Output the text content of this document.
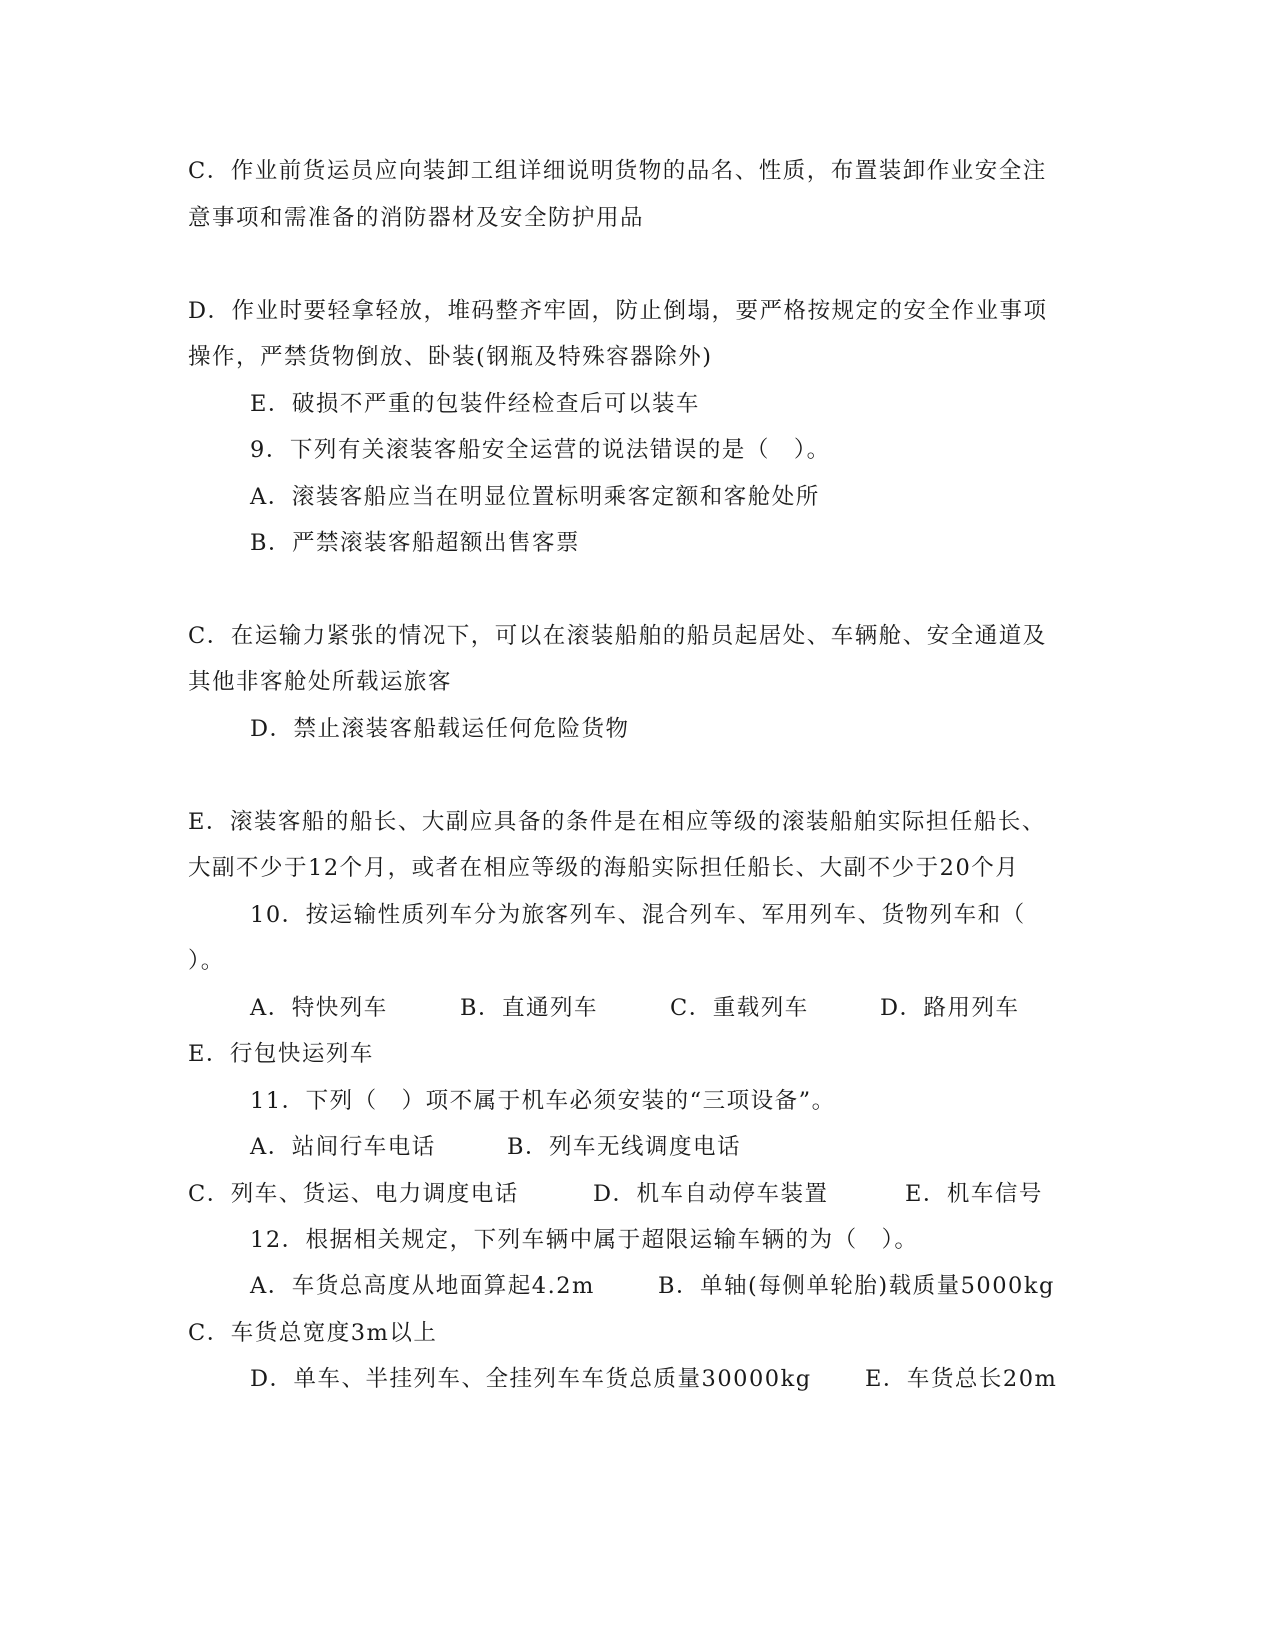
C．作业前货运员应向装卸工组详细说明货物的品名、性质，布置装卸作业安全注
意事项和需准备的消防器材及安全防护用品
D．作业时要轻拿轻放，堆码整齐牢固，防止倒塌，要严格按规定的安全作业事项
操作，严禁货物倒放、卧装(钢瓶及特殊容器除外)
E．破损不严重的包装件经检查后可以装车
9．下列有关滚装客船安全运营的说法错误的是（　）。
A．滚装客船应当在明显位置标明乘客定额和客舱处所
B．严禁滚装客船超额出售客票
C．在运输力紧张的情况下，可以在滚装船舶的船员起居处、车辆舱、安全通道及
其他非客舱处所载运旅客
D．禁止滚装客船载运任何危险货物
E．滚装客船的船长、大副应具备的条件是在相应等级的滚装船舶实际担任船长、
大副不少于12个月，或者在相应等级的海船实际担任船长、大副不少于20个月
10．按运输性质列车分为旅客列车、混合列车、军用列车、货物列车和（
）。
A．特快列车	B．直通列车	C．重载列车	D．路用列车
E．行包快运列车
11．下列（　）项不属于机车必须安装的“三项设备”。
A．站间行车电话	B．列车无线调度电话
C．列车、货运、电力调度电话	D．机车自动停车装置	E．机车信号
12．根据相关规定，下列车辆中属于超限运输车辆的为（　）。
A．车货总高度从地面算起4.2m	B．单轴(每侧单轮胎)载质量5000kg
C．车货总宽度3m以上
D．单车、半挂列车、全挂列车车货总质量30000kg E．车货总长20m
